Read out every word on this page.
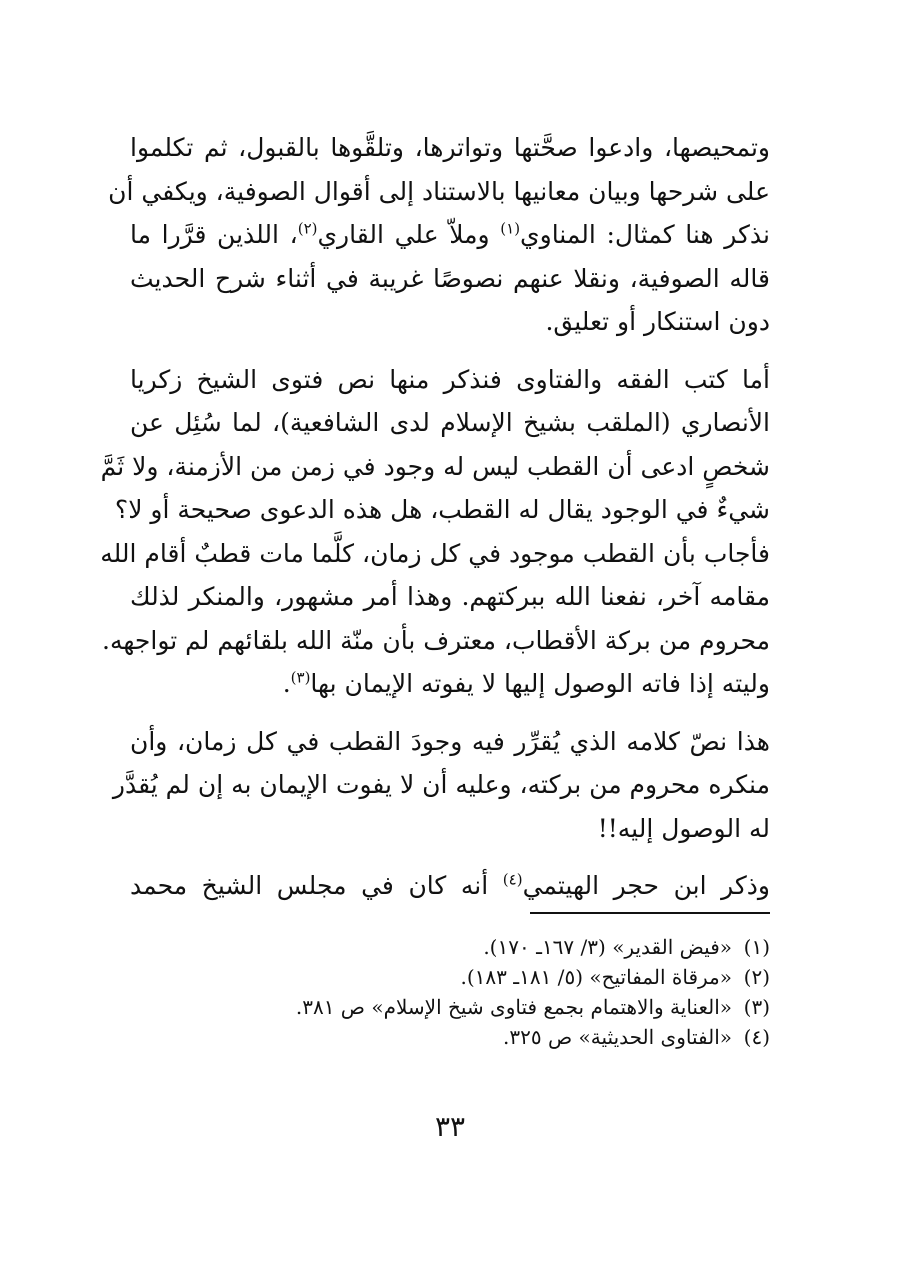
وتمحيصها، وادعوا صحَّتها وتواترها، وتلقَّوها بالقبول، ثم تكلموا
على شرحها وبيان معانيها بالاستناد إلى أقوال الصوفية، ويكفي أن
نذكر هنا كمثال: المناوي$^{(١)}$ وملاّ علي القاري$^{(٢)}$، اللذين قرَّرا ما
قاله الصوفية، ونقلا عنهم نصوصًا غريبة في أثناء شرح الحديث
دون استنكار أو تعليق.
أما كتب الفقه والفتاوى فنذكر منها نص فتوى الشيخ زكريا
الأنصاري (الملقب بشيخ الإسلام لدى الشافعية)، لما سُئِل عن
شخصٍ ادعى أن القطب ليس له وجود في زمن من الأزمنة، ولا ثَمَّ
شيءٌ في الوجود يقال له القطب، هل هذه الدعوى صحيحة أو لا؟
فأجاب بأن القطب موجود في كل زمان، كلَّما مات قطبٌ أقام الله
مقامه آخر، نفعنا الله ببركتهم. وهذا أمر مشهور، والمنكر لذلك
محروم من بركة الأقطاب، معترف بأن منّة الله بلقائهم لم تواجهه.
وليته إذا فاته الوصول إليها لا يفوته الإيمان بها$^{(٣)}$.
هذا نصّ كلامه الذي يُقرِّر فيه وجودَ القطب في كل زمان، وأن
منكره محروم من بركته، وعليه أن لا يفوت الإيمان به إن لم يُقدَّر
له الوصول إليه!!
وذكر ابن حجر الهيتمي$^{(٤)}$ أنه كان في مجلس الشيخ محمد
(١)«فيض القدير» (٣/ ١٦٧ـ ١٧٠).
(٢)«مرقاة المفاتيح» (٥/ ١٨١ـ ١٨٣).
(٣)«العناية والاهتمام بجمع فتاوى شيخ الإسلام» ص ٣٨١.
(٤)«الفتاوى الحديثية» ص ٣٢٥.
٣٣
